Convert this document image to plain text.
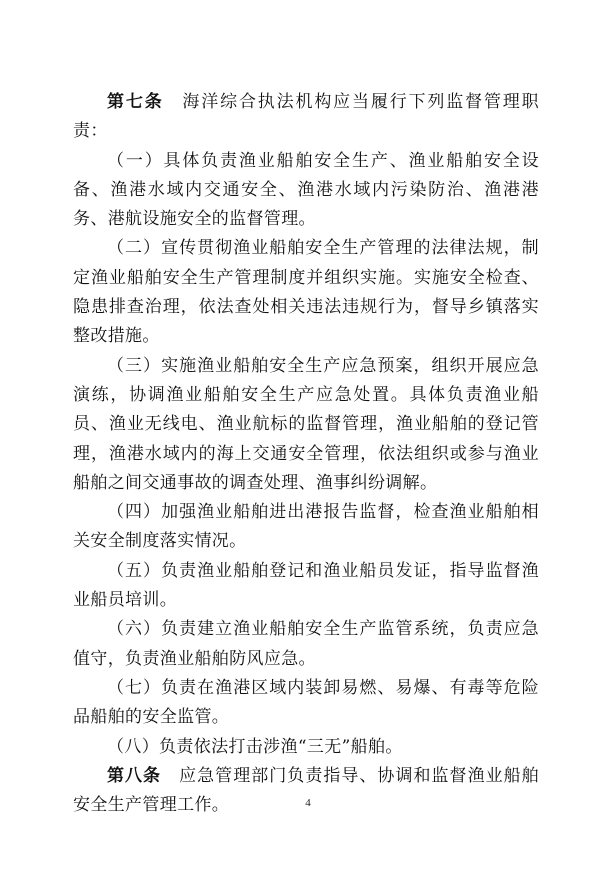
第七条  海洋综合执法机构应当履行下列监督管理职责：

（一）具体负责渔业船舶安全生产、渔业船舶安全设备、渔港水域内交通安全、渔港水域内污染防治、渔港港务、港航设施安全的监督管理。

（二）宣传贯彻渔业船舶安全生产管理的法律法规，制定渔业船舶安全生产管理制度并组织实施。实施安全检查、隐患排查治理，依法查处相关违法违规行为，督导乡镇落实整改措施。

（三）实施渔业船舶安全生产应急预案，组织开展应急演练，协调渔业船舶安全生产应急处置。具体负责渔业船员、渔业无线电、渔业航标的监督管理，渔业船舶的登记管理，渔港水域内的海上交通安全管理，依法组织或参与渔业船舶之间交通事故的调查处理、渔事纠纷调解。

（四）加强渔业船舶进出港报告监督，检查渔业船舶相关安全制度落实情况。

（五）负责渔业船舶登记和渔业船员发证，指导监督渔业船员培训。

（六）负责建立渔业船舶安全生产监管系统，负责应急值守，负责渔业船舶防风应急。

（七）负责在渔港区域内装卸易燃、易爆、有毒等危险品船舶的安全监管。

（八）负责依法打击涉渔“三无”船舶。

第八条  应急管理部门负责指导、协调和监督渔业船舶安全生产管理工作。	4
